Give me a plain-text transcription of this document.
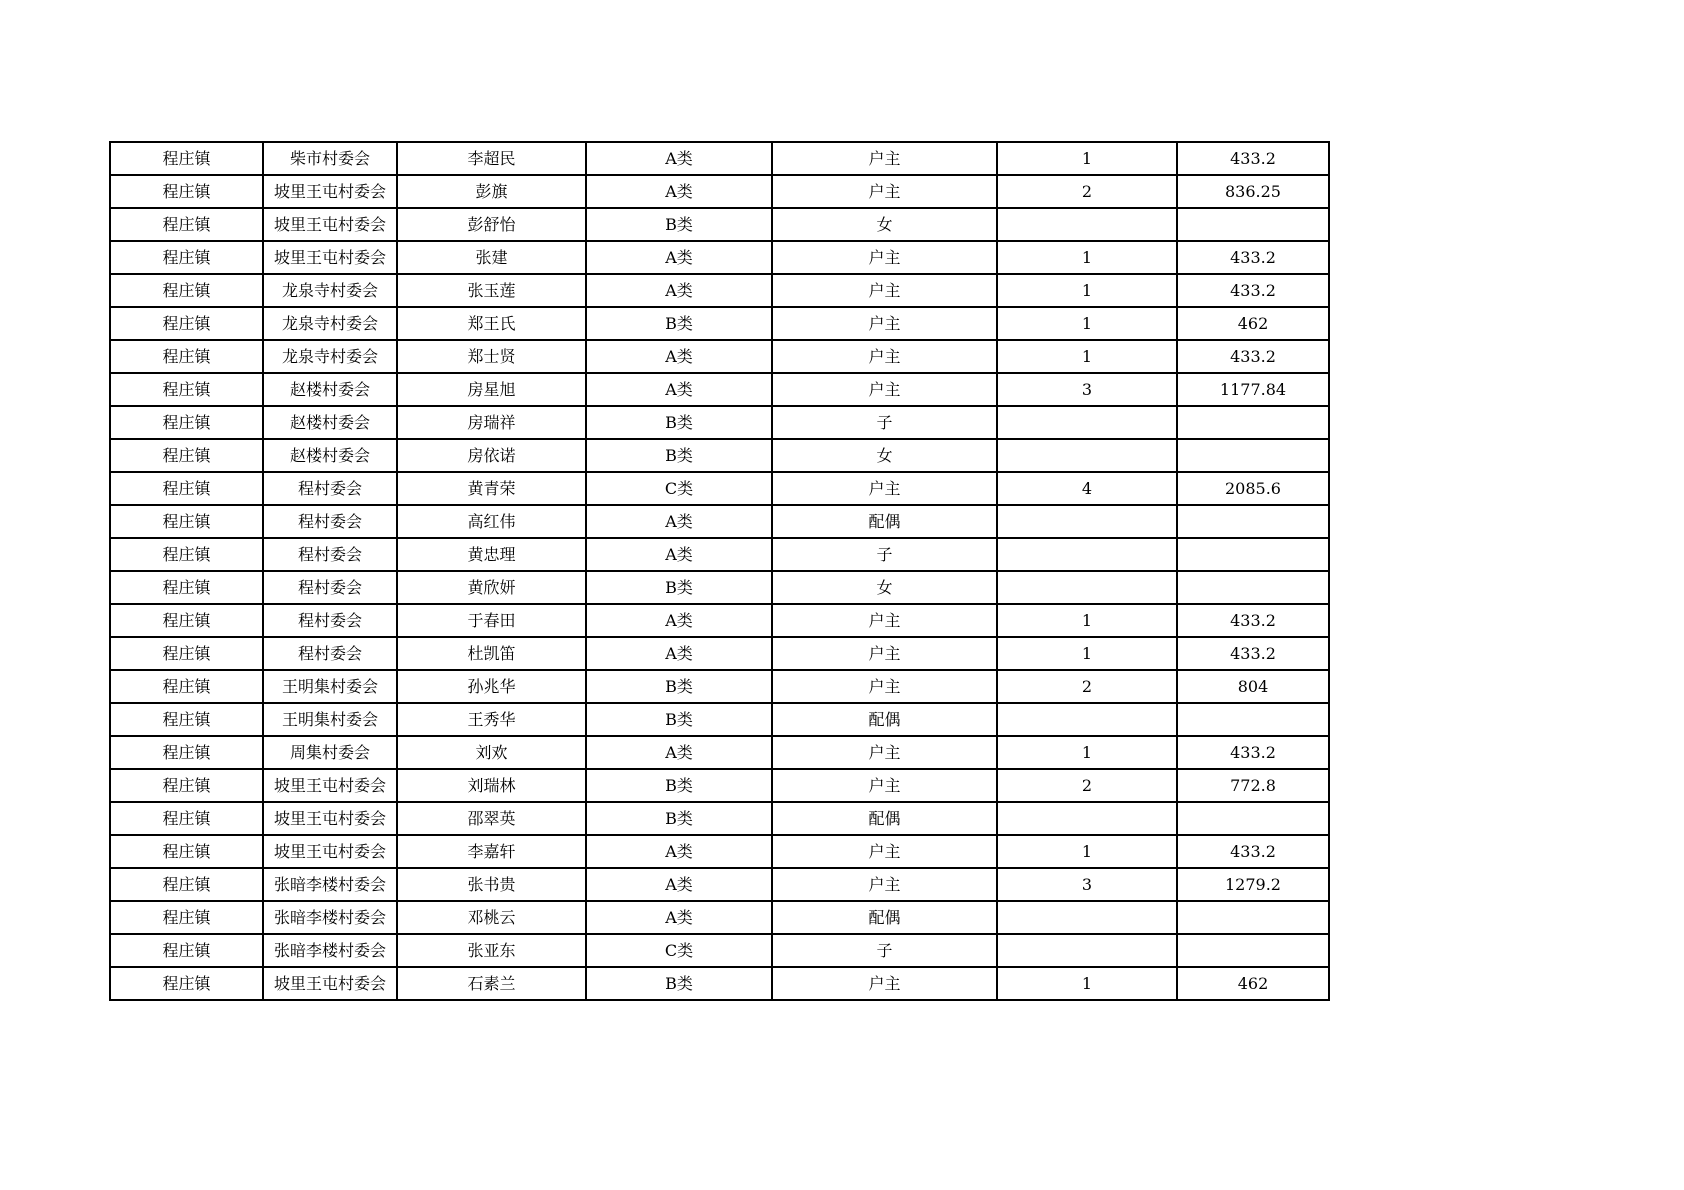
程庄镇	柴市村委会	李超民	A类	户主	1	433.2
程庄镇	坡里王屯村委会	彭旗	A类	户主	2	836.25
程庄镇	坡里王屯村委会	彭舒怡	B类	女		
程庄镇	坡里王屯村委会	张建	A类	户主	1	433.2
程庄镇	龙泉寺村委会	张玉莲	A类	户主	1	433.2
程庄镇	龙泉寺村委会	郑王氏	B类	户主	1	462
程庄镇	龙泉寺村委会	郑士贤	A类	户主	1	433.2
程庄镇	赵楼村委会	房星旭	A类	户主	3	1177.84
程庄镇	赵楼村委会	房瑞祥	B类	子		
程庄镇	赵楼村委会	房依诺	B类	女		
程庄镇	程村委会	黄青荣	C类	户主	4	2085.6
程庄镇	程村委会	高红伟	A类	配偶		
程庄镇	程村委会	黄忠理	A类	子		
程庄镇	程村委会	黄欣妍	B类	女		
程庄镇	程村委会	于春田	A类	户主	1	433.2
程庄镇	程村委会	杜凯笛	A类	户主	1	433.2
程庄镇	王明集村委会	孙兆华	B类	户主	2	804
程庄镇	王明集村委会	王秀华	B类	配偶		
程庄镇	周集村委会	刘欢	A类	户主	1	433.2
程庄镇	坡里王屯村委会	刘瑞林	B类	户主	2	772.8
程庄镇	坡里王屯村委会	邵翠英	B类	配偶		
程庄镇	坡里王屯村委会	李嘉轩	A类	户主	1	433.2
程庄镇	张暗李楼村委会	张书贵	A类	户主	3	1279.2
程庄镇	张暗李楼村委会	邓桃云	A类	配偶		
程庄镇	张暗李楼村委会	张亚东	C类	子		
程庄镇	坡里王屯村委会	石素兰	B类	户主	1	462
